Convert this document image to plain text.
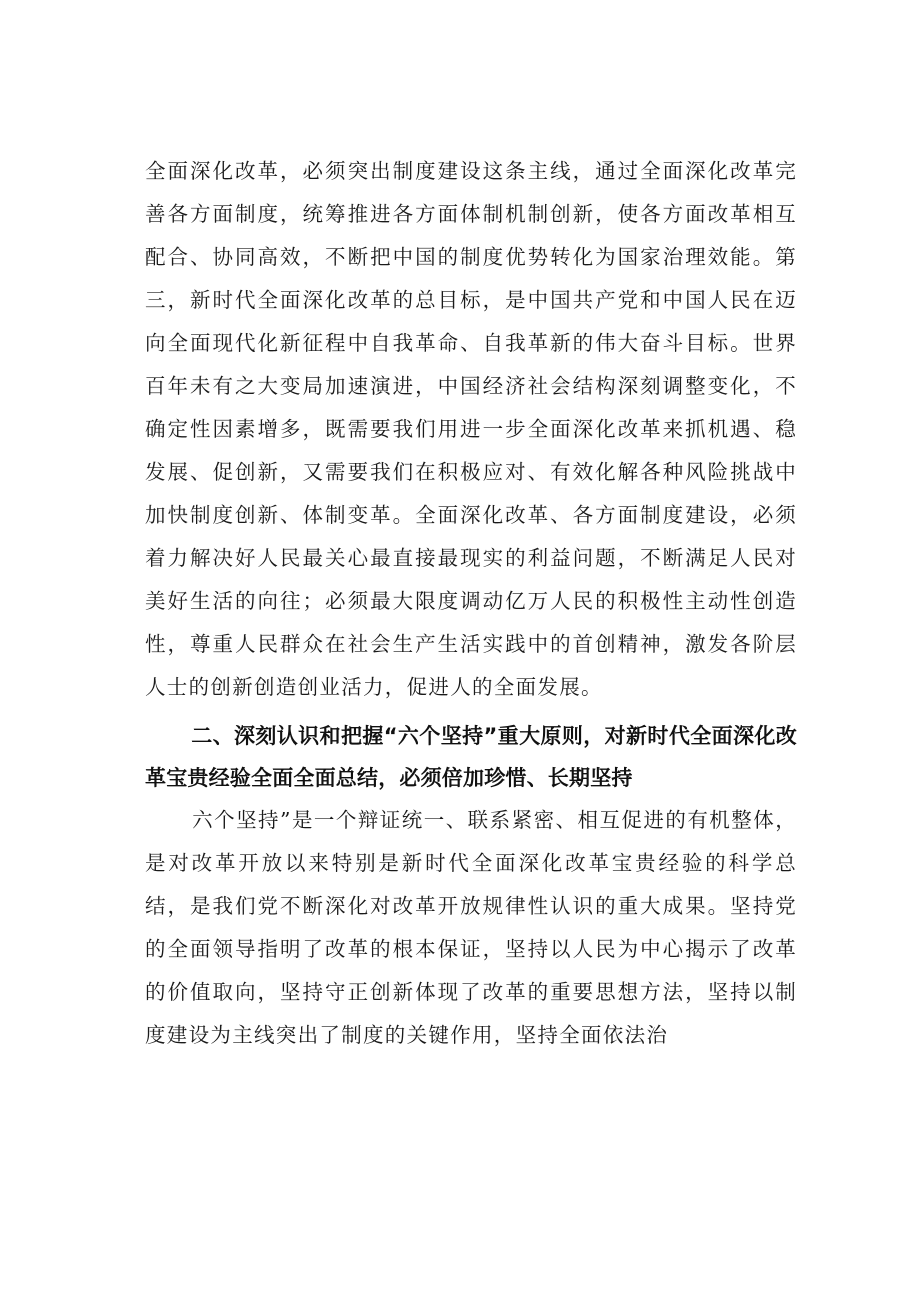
全面深化改革，必须突出制度建设这条主线，通过全面深化改革完善各方面制度，统筹推进各方面体制机制创新，使各方面改革相互配合、协同高效，不断把中国的制度优势转化为国家治理效能。第三，新时代全面深化改革的总目标，是中国共产党和中国人民在迈向全面现代化新征程中自我革命、自我革新的伟大奋斗目标。世界百年未有之大变局加速演进，中国经济社会结构深刻调整变化，不确定性因素增多，既需要我们用进一步全面深化改革来抓机遇、稳发展、促创新，又需要我们在积极应对、有效化解各种风险挑战中加快制度创新、体制变革。全面深化改革、各方面制度建设，必须着力解决好人民最关心最直接最现实的利益问题，不断满足人民对美好生活的向往；必须最大限度调动亿万人民的积极性主动性创造性，尊重人民群众在社会生产生活实践中的首创精神，激发各阶层人士的创新创造创业活力，促进人的全面发展。

二、深刻认识和把握“六个坚持”重大原则，对新时代全面深化改革宝贵经验全面全面总结，必须倍加珍惜、长期坚持

六个坚持”是一个辩证统一、联系紧密、相互促进的有机整体，是对改革开放以来特别是新时代全面深化改革宝贵经验的科学总结，是我们党不断深化对改革开放规律性认识的重大成果。坚持党的全面领导指明了改革的根本保证，坚持以人民为中心揭示了改革的价值取向，坚持守正创新体现了改革的重要思想方法，坚持以制度建设为主线突出了制度的关键作用，坚持全面依法治
